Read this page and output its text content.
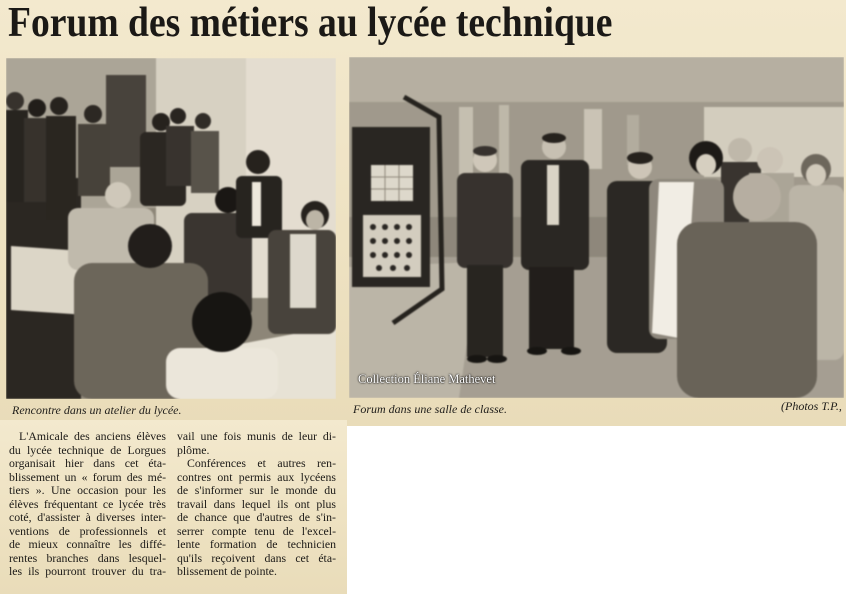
Forum des métiers au lycée technique
Collection Éliane Mathevet
Rencontre dans un atelier du lycée.	Forum dans une salle de classe.	(Photos T.P.,
L'Amicale des anciens élèves
du lycée technique de Lorgues
organisait hier dans cet éta-
blissement un « forum des mé-
tiers ». Une occasion pour les
élèves fréquentant ce lycée très
coté, d'assister à diverses inter-
ventions de professionnels et
de mieux connaître les diffé-
rentes branches dans lesquel-
les ils pourront trouver du tra-
vail une fois munis de leur di-
plôme.
Conférences et autres ren-
contres ont permis aux lycéens
de s'informer sur le monde du
travail dans lequel ils ont plus
de chance que d'autres de s'in-
serrer compte tenu de l'excel-
lente formation de technicien
qu'ils reçoivent dans cet éta-
blissement de pointe.
